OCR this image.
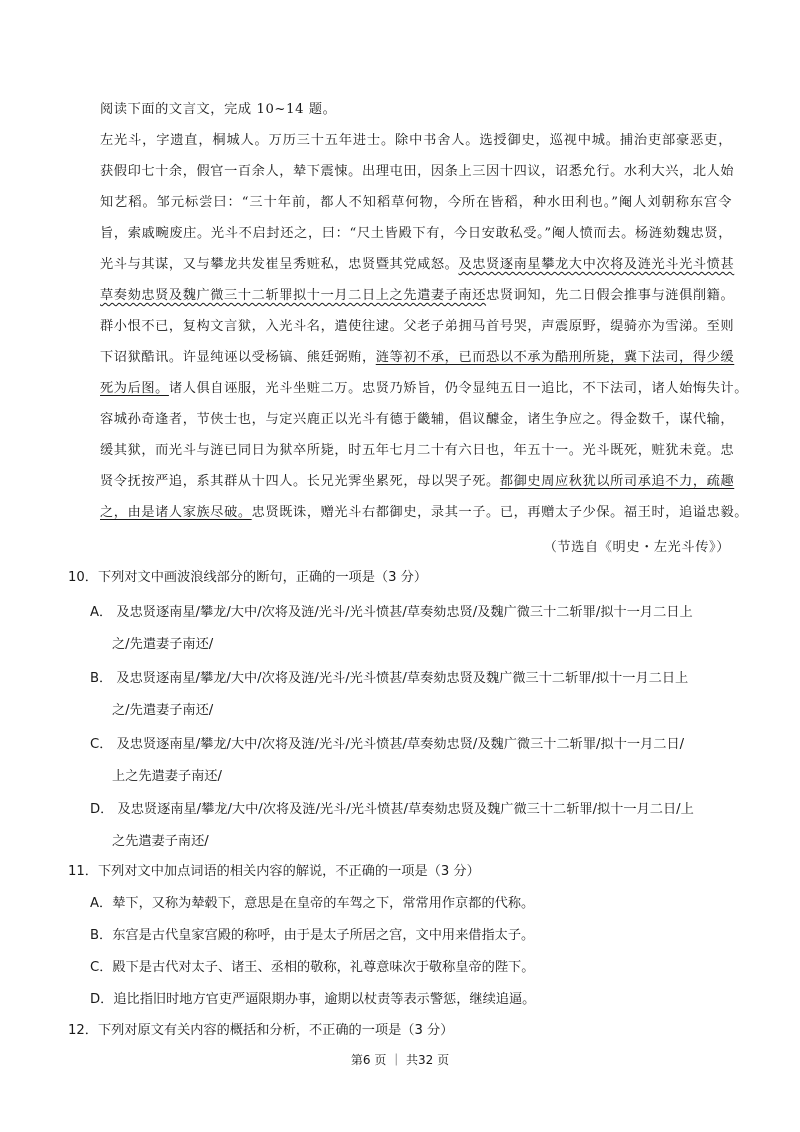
阅读下面的文言文，完成 10~14 题。
左光斗，字遗直，桐城人。万历三十五年进士。除中书舍人。选授御史，巡视中城。捕治吏部豪恶吏，
获假印七十余，假官一百余人，辇下震悚。出理屯田，因条上三因十四议，诏悉允行。水利大兴，北人始
知艺稻。邹元标尝曰：“三十年前，都人不知稻草何物，今所在皆稻，种水田利也。”阉人刘朝称东宫令
旨，索戚畹废庄。光斗不启封还之，曰：“尺土皆殿下有，今日安敢私受。”阉人愤而去。杨涟劾魏忠贤，
光斗与其谋，又与攀龙共发崔呈秀赃私，忠贤暨其党咸怒。 及忠贤逐南星攀龙大中次将及涟光斗光斗愤甚
草奏劾忠贤及魏广微三十二斩罪拟十一月二日上之先遣妻子南还 忠贤诇知，先二日假会推事与涟俱削籍。
群小恨不已，复构文言狱，入光斗名，遣使往逮。父老子弟拥马首号哭，声震原野，缇骑亦为雪涕。至则
下诏狱酷讯。许显纯诬以受杨镐、熊廷弼贿， 涟等初不承，已而恐以不承为酷刑所毙，冀下法司，得少缓
死为后图。 诸人俱自诬服，光斗坐赃二万。忠贤乃矫旨，仍令显纯五日一追比，不下法司，诸人始悔失计。
容城孙奇逢者，节侠士也，与定兴鹿正以光斗有德于畿辅，倡议醵金，诸生争应之。得金数千，谋代输，
缓其狱，而光斗与涟已同日为狱卒所毙，时五年七月二十有六日也，年五十一。光斗既死，赃犹未竟。忠
贤令抚按严追，系其群从十四人。长兄光霁坐累死，母以哭子死。 都御史周应秋犹以所司承追不力，疏趣
之，由是诸人家族尽破。 忠贤既诛，赠光斗右都御史，录其一子。已，再赠太子少保。福王时，追谥忠毅。
（节选自《明史・左光斗传》）
10．下列对文中画波浪线部分的断句，正确的一项是（3 分）
A． 及忠贤逐南星/攀龙/大中/次将及涟/光斗/光斗愤甚/草奏劾忠贤/及魏广微三十二斩罪/拟十一月二日上
之/先遣妻子南还/
B． 及忠贤逐南星/攀龙/大中/次将及涟/光斗/光斗愤甚/草奏劾忠贤及魏广微三十二斩罪/拟十一月二日上
之/先遣妻子南还/
C． 及忠贤逐南星/攀龙/大中/次将及涟/光斗/光斗愤甚/草奏劾忠贤/及魏广微三十二斩罪/拟十一月二日/
上之先遣妻子南还/
D． 及忠贤逐南星/攀龙/大中/次将及涟/光斗/光斗愤甚/草奏劾忠贤及魏广微三十二斩罪/拟十一月二日/上
之先遣妻子南还/
11．下列对文中加点词语的相关内容的解说，不正确的一项是（3 分）
A．辇下，又称为辇毂下，意思是在皇帝的车驾之下，常常用作京都的代称。
B．东宫是古代皇家宫殿的称呼，由于是太子所居之宫，文中用来借指太子。
C．殿下是古代对太子、诸王、丞相的敬称，礼尊意味次于敬称皇帝的陛下。
D．追比指旧时地方官吏严逼限期办事，逾期以杖责等表示警惩，继续追逼。
12．下列对原文有关内容的概括和分析，不正确的一项是（3 分）
第6 页 ｜ 共32 页
